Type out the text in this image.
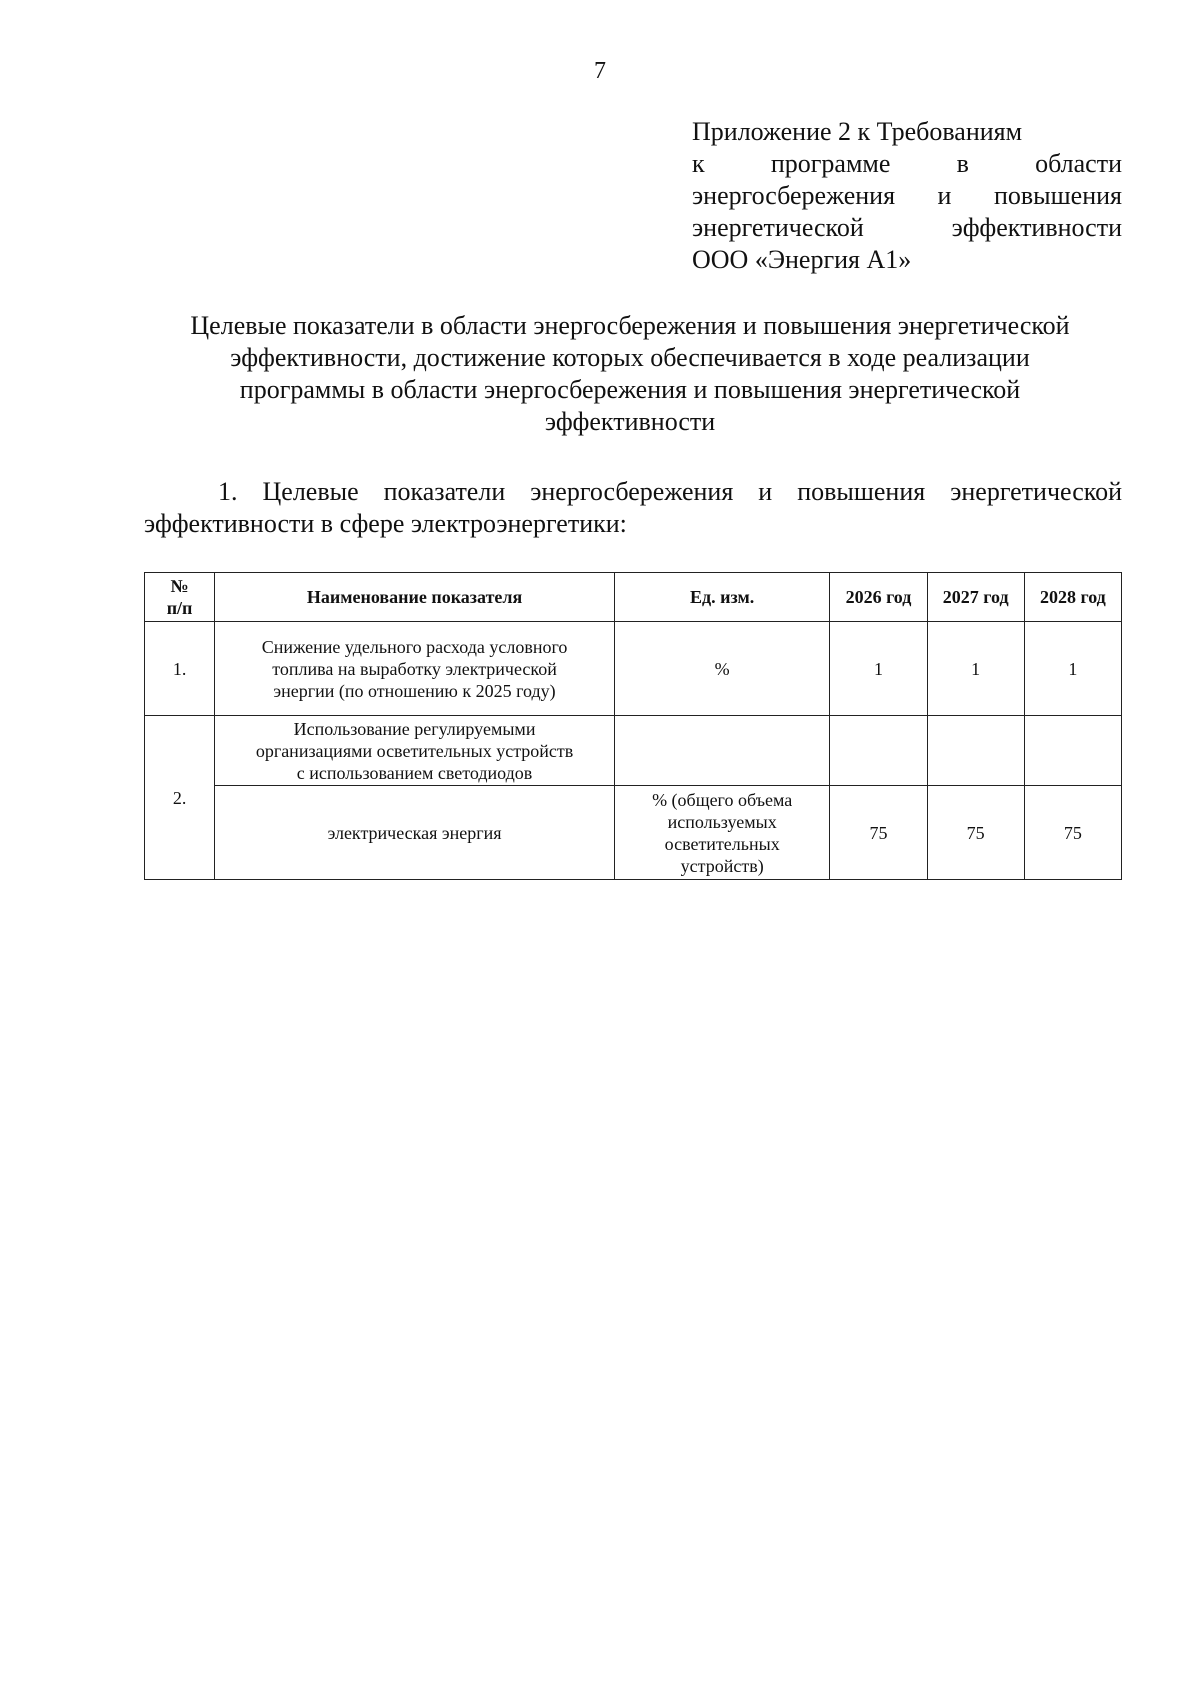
7
Приложение 2 к Требованиям
к программе в области
энергосбережения и повышения
энергетической эффективности
ООО «Энергия А1»
Целевые показатели в области энергосбережения и повышения энергетической
эффективности, достижение которых обеспечивается в ходе реализации
программы в области энергосбережения и повышения энергетической
эффективности
1. Целевые показатели энергосбережения и повышения энергетической
эффективности в сфере электроэнергетики:
№
п/п	Наименование показателя	Ед. изм.	2026 год	2027 год	2028 год
1.	Снижение удельного расхода условного
топлива на выработку электрической
энергии (по отношению к 2025 году)	%	1	1	1
2.	Использование регулируемыми
организациями осветительных устройств
с использованием светодиодов				
	электрическая энергия	% (общего объема
используемых
осветительных
устройств)	75	75	75
